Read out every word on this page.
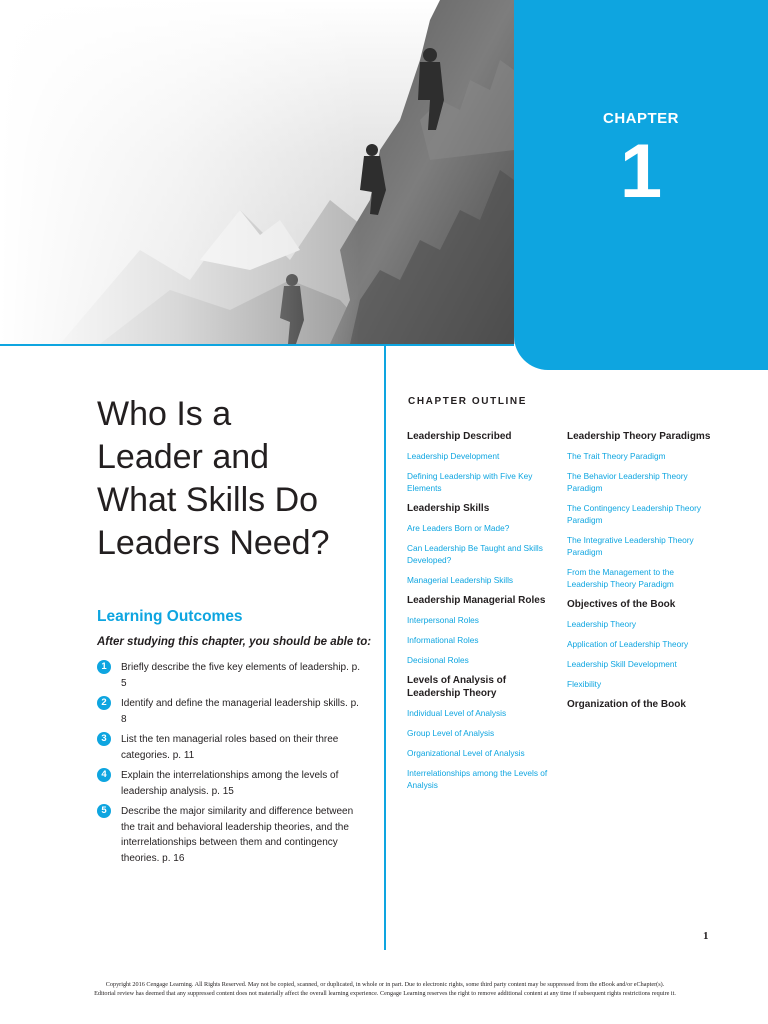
CHAPTER
1
Who Is a
Leader and
What Skills Do
Leaders Need?
Learning Outcomes
After studying this chapter, you should be able to:
1	Briefly describe the five key elements of leadership. p. 5
2	Identify and define the managerial leadership skills. p. 8
3	List the ten managerial roles based on their three categories. p. 11
4	Explain the interrelationships among the levels of leadership analysis. p. 15
5	Describe the major similarity and difference between the trait and behavioral leadership theories, and the interrelationships between them and contingency theories. p. 16
CHAPTER OUTLINE
Leadership Described
Leadership Development
Defining Leadership with Five Key Elements
Leadership Skills
Are Leaders Born or Made?
Can Leadership Be Taught and Skills Developed?
Managerial Leadership Skills
Leadership Managerial Roles
Interpersonal Roles
Informational Roles
Decisional Roles
Levels of Analysis of Leadership Theory
Individual Level of Analysis
Group Level of Analysis
Organizational Level of Analysis
Interrelationships among the Levels of Analysis
Leadership Theory Paradigms
The Trait Theory Paradigm
The Behavior Leadership Theory Paradigm
The Contingency Leadership Theory Paradigm
The Integrative Leadership Theory Paradigm
From the Management to the Leadership Theory Paradigm
Objectives of the Book
Leadership Theory
Application of Leadership Theory
Leadership Skill Development
Flexibility
Organization of the Book
1
Copyright 2016 Cengage Learning. All Rights Reserved. May not be copied, scanned, or duplicated, in whole or in part. Due to electronic rights, some third party content may be suppressed from the eBook and/or eChapter(s).
Editorial review has deemed that any suppressed content does not materially affect the overall learning experience. Cengage Learning reserves the right to remove additional content at any time if subsequent rights restrictions require it.
